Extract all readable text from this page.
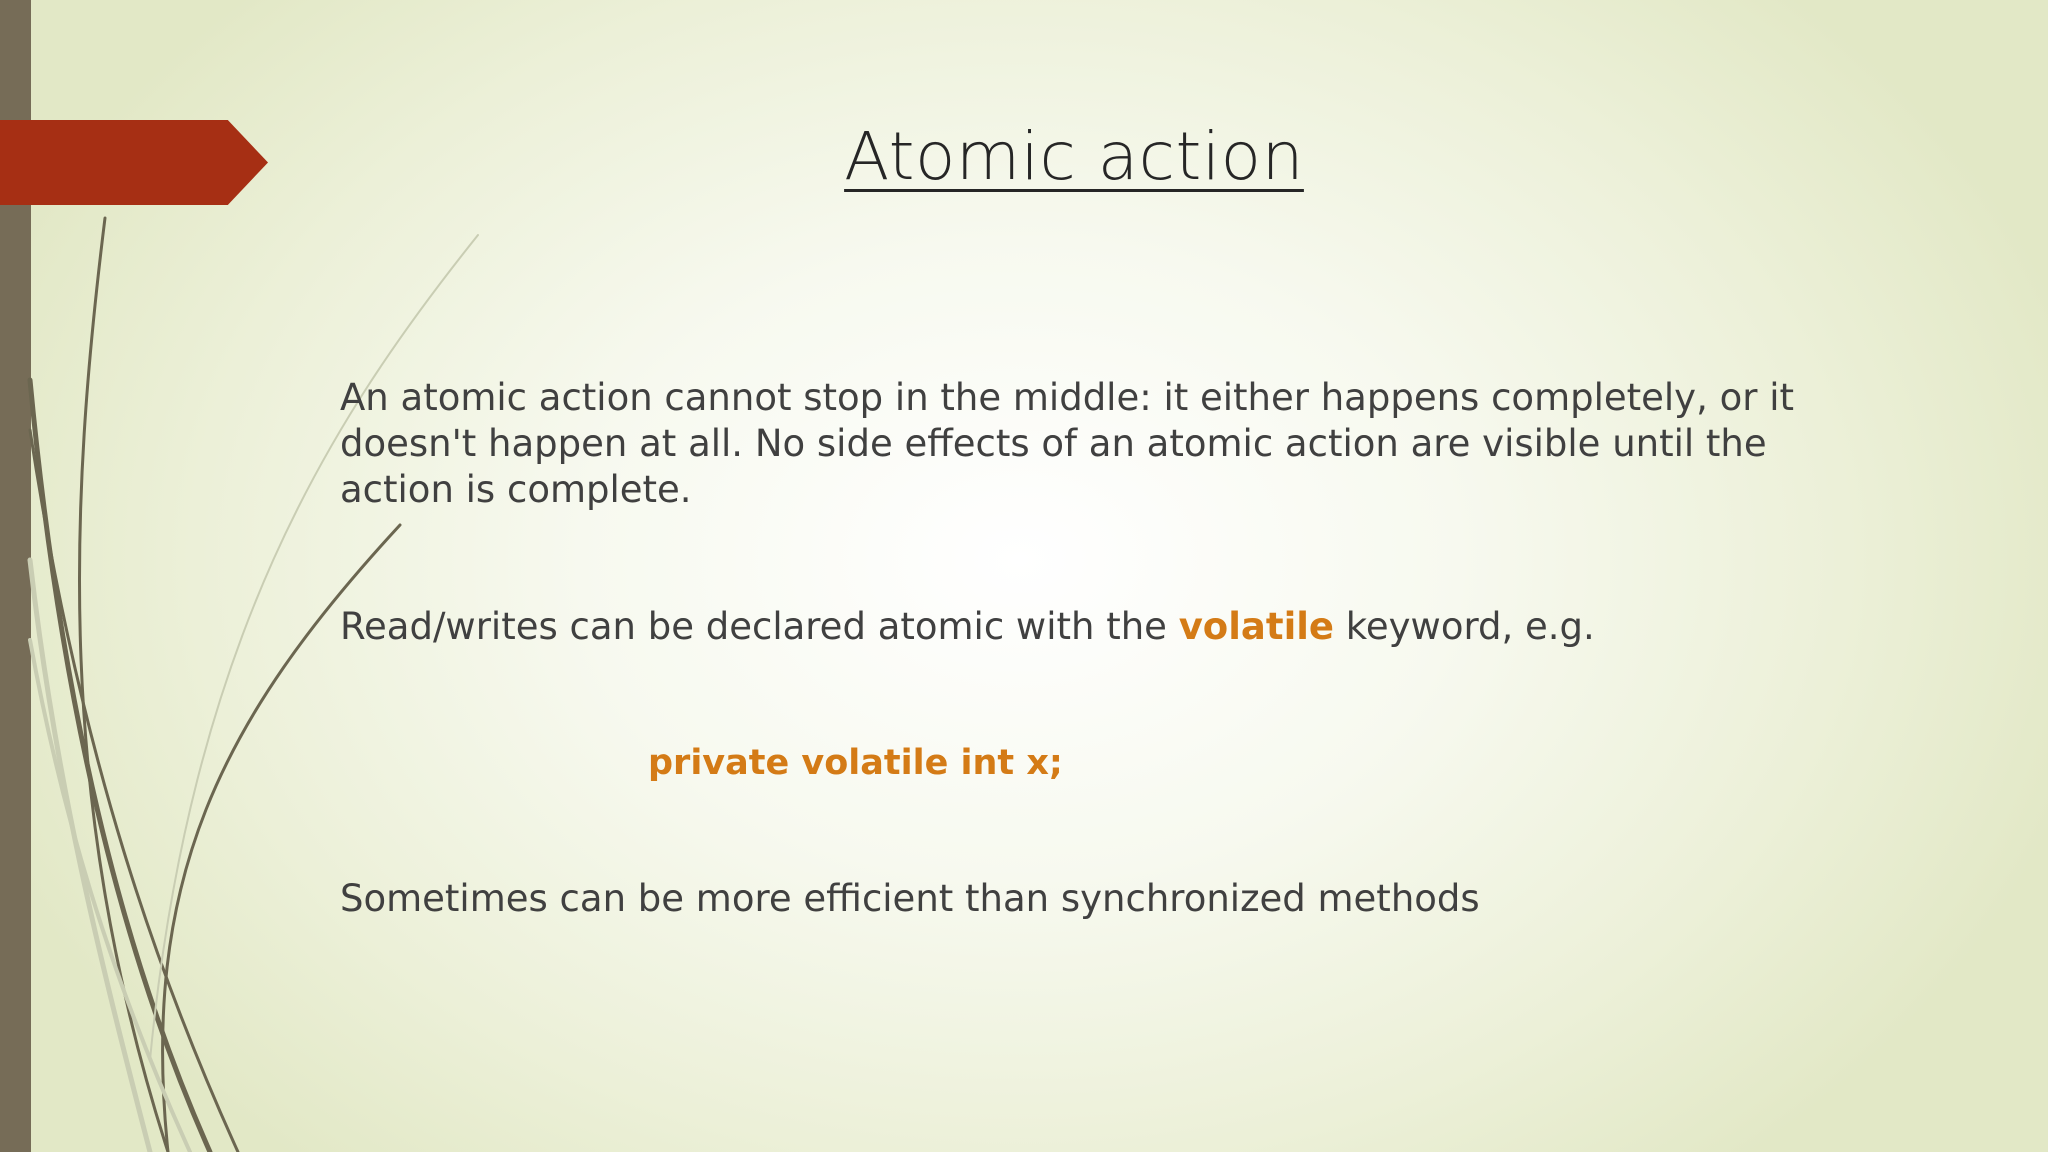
Atomic action

An atomic action cannot stop in the middle: it either happens completely, or it doesn't happen at all. No side effects of an atomic action are visible until the action is complete.

Read/writes can be declared atomic with the volatile keyword, e.g.

private volatile int x;

Sometimes can be more efficient than synchronized methods
